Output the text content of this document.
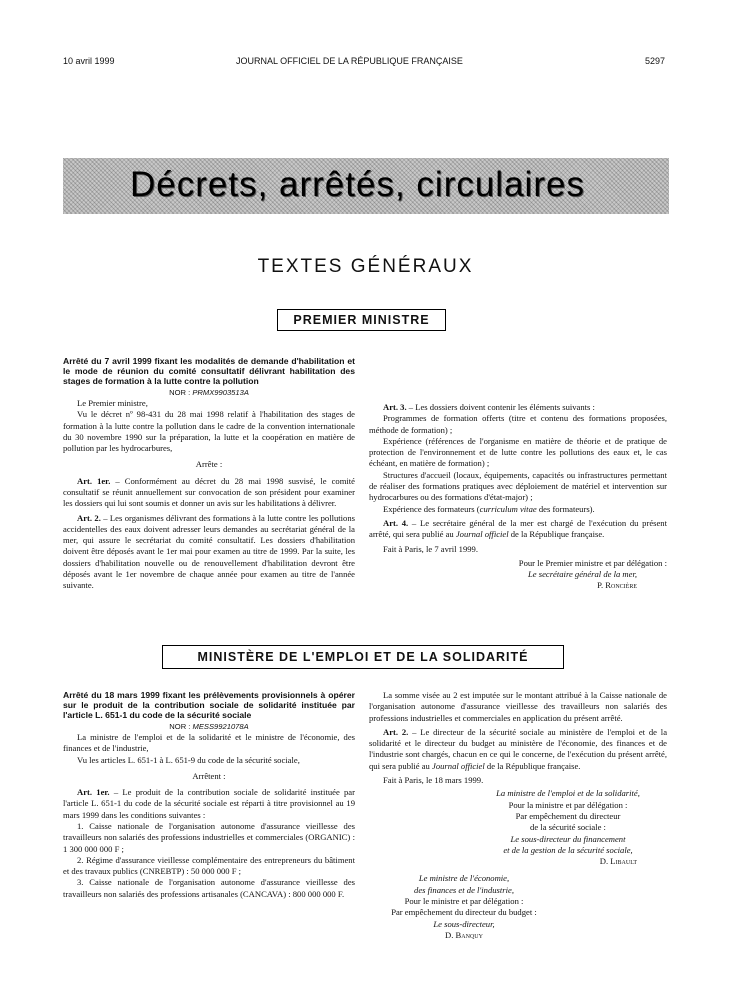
10 avril 1999	JOURNAL OFFICIEL DE LA RÉPUBLIQUE FRANÇAISE	5297
Décrets, arrêtés, circulaires
TEXTES GÉNÉRAUX
PREMIER MINISTRE

Arrêté du 7 avril 1999 fixant les modalités de demande d'habilitation et le mode de réunion du comité consultatif délivrant habilitation des stages de formation à la lutte contre la pollution

NOR : PRMX9903513A

Le Premier ministre,

Vu le décret nº 98-431 du 28 mai 1998 relatif à l'habilitation des stages de formation à la lutte contre la pollution dans le cadre de la convention internationale du 30 novembre 1990 sur la préparation, la lutte et la coopération en matière de pollution par les hydrocarbures,

Arrête :

Art. 1er. – Conformément au décret du 28 mai 1998 susvisé, le comité consultatif se réunit annuellement sur convocation de son président pour examiner les dossiers qui lui sont soumis et donner un avis sur les habilitations à délivrer.

Art. 2. – Les organismes délivrant des formations à la lutte contre les pollutions accidentelles des eaux doivent adresser leurs demandes au secrétariat général de la mer, qui assure le secrétariat du comité consultatif. Les dossiers d'habilitation doivent être déposés avant le 1er mai pour examen au titre de 1999. Par la suite, les dossiers d'habilitation nouvelle ou de renouvellement d'habilitation devront être déposés avant le 1er novembre de chaque année pour examen au titre de l'année suivante.

Art. 3. – Les dossiers doivent contenir les éléments suivants :

Programmes de formation offerts (titre et contenu des formations proposées, méthode de formation) ;

Expérience (références de l'organisme en matière de théorie et de pratique de protection de l'environnement et de lutte contre les pollutions des eaux et, le cas échéant, en matière de formation) ;

Structures d'accueil (locaux, équipements, capacités ou infrastructures permettant de réaliser des formations pratiques avec déploiement de matériel et intervention sur hydrocarbures ou des formations d'état-major) ;

Expérience des formateurs (curriculum vitae des formateurs).

Art. 4. – Le secrétaire général de la mer est chargé de l'exécution du présent arrêté, qui sera publié au Journal officiel de la République française.

Fait à Paris, le 7 avril 1999.

Pour le Premier ministre et par délégation :

Le secrétaire général de la mer,

P. Roncière

MINISTÈRE DE L'EMPLOI ET DE LA SOLIDARITÉ

Arrêté du 18 mars 1999 fixant les prélèvements provisionnels à opérer sur le produit de la contribution sociale de solidarité instituée par l'article L. 651-1 du code de la sécurité sociale

NOR : MESS9921078A

La ministre de l'emploi et de la solidarité et le ministre de l'économie, des finances et de l'industrie,

Vu les articles L. 651-1 à L. 651-9 du code de la sécurité sociale,

Arrêtent :

Art. 1er. – Le produit de la contribution sociale de solidarité instituée par l'article L. 651-1 du code de la sécurité sociale est réparti à titre provisionnel au 19 mars 1999 dans les conditions suivantes :

1. Caisse nationale de l'organisation autonome d'assurance vieillesse des travailleurs non salariés des professions industrielles et commerciales (ORGANIC) : 1 300 000 000 F ;

2. Régime d'assurance vieillesse complémentaire des entrepreneurs du bâtiment et des travaux publics (CNREBTP) : 50 000 000 F ;

3. Caisse nationale de l'organisation autonome d'assurance vieillesse des travailleurs non salariés des professions artisanales (CANCAVA) : 800 000 000 F.

La somme visée au 2 est imputée sur le montant attribué à la Caisse nationale de l'organisation autonome d'assurance vieillesse des travailleurs non salariés des professions industrielles et commerciales en application du présent arrêté.

Art. 2. – Le directeur de la sécurité sociale au ministère de l'emploi et de la solidarité et le directeur du budget au ministère de l'économie, des finances et de l'industrie sont chargés, chacun en ce qui le concerne, de l'exécution du présent arrêté, qui sera publié au Journal officiel de la République française.

Fait à Paris, le 18 mars 1999.

La ministre de l'emploi et de la solidarité,

Pour la ministre et par délégation :

Par empêchement du directeur

de la sécurité sociale :

Le sous-directeur du financement

et de la gestion de la sécurité sociale,

D. Libault

Le ministre de l'économie,

des finances et de l'industrie,

Pour le ministre et par délégation :

Par empêchement du directeur du budget :

Le sous-directeur,

D. Banquy
